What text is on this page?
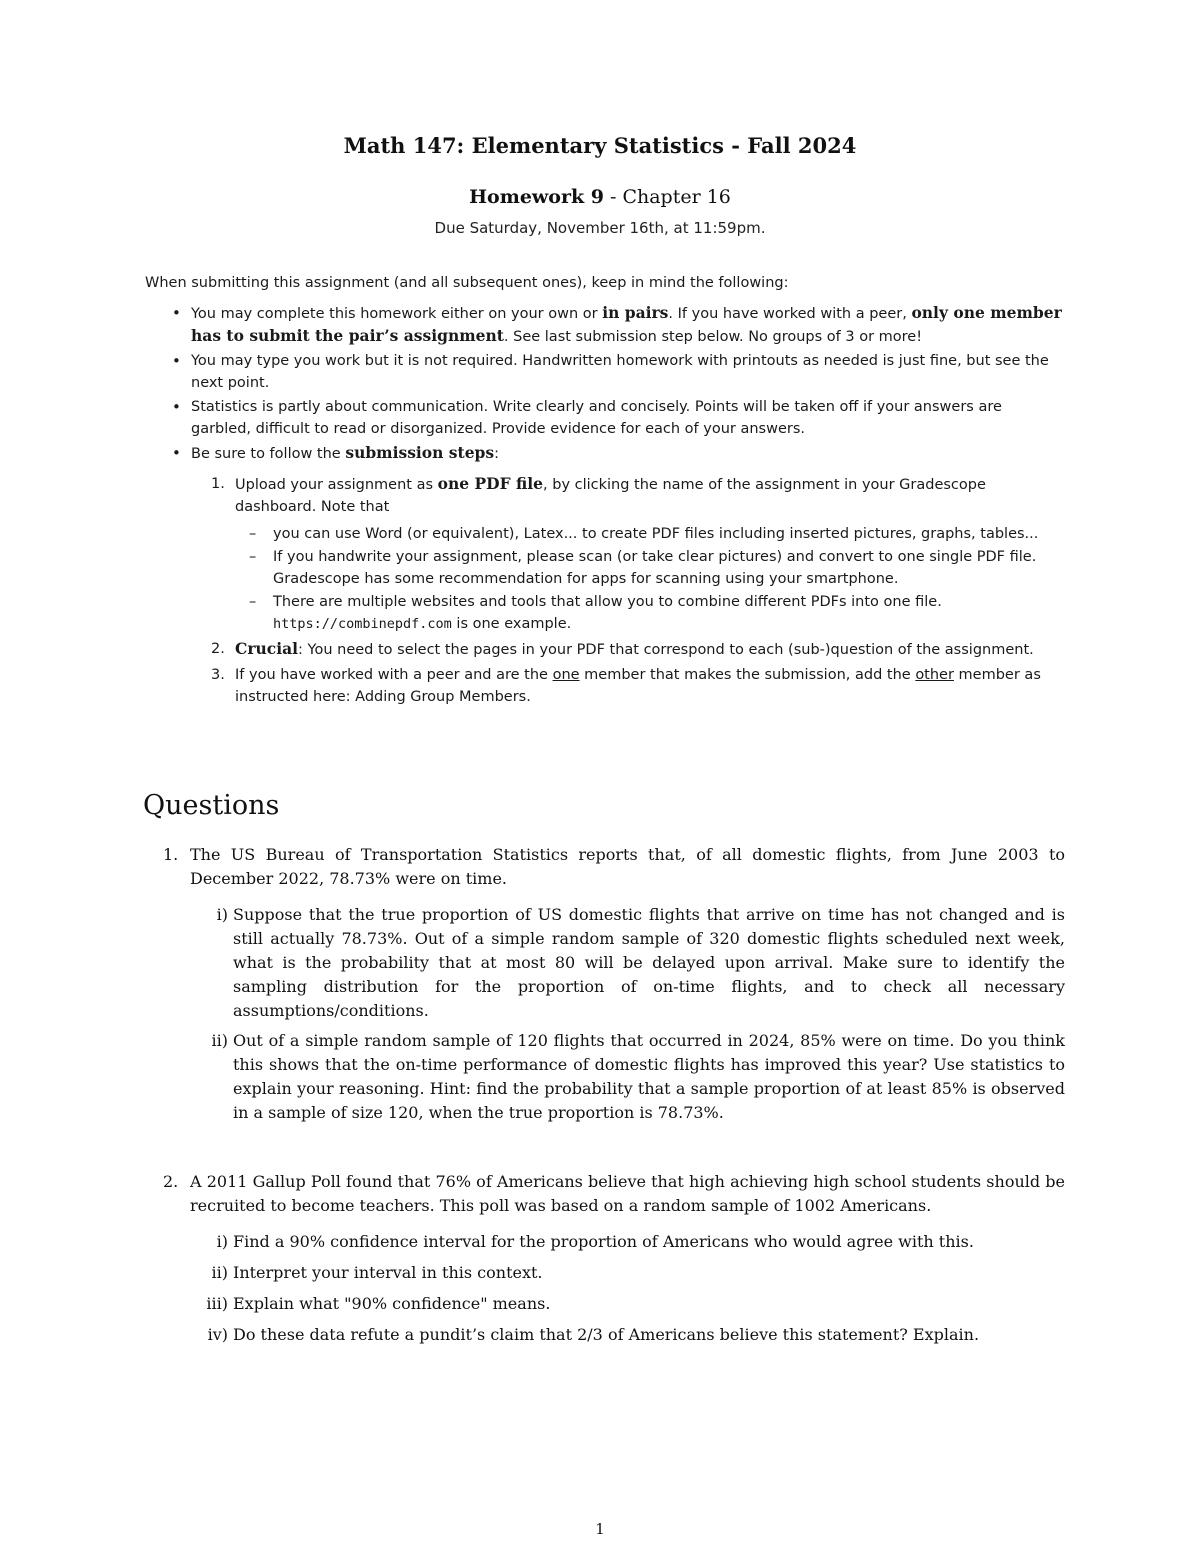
Math 147: Elementary Statistics - Fall 2024
Homework 9 - Chapter 16
Due Saturday, November 16th, at 11:59pm.
When submitting this assignment (and all subsequent ones), keep in mind the following:
• You may complete this homework either on your own or in pairs. If you have worked with a peer, only one member has to submit the pair’s assignment. See last submission step below. No groups of 3 or more!
• You may type you work but it is not required. Handwritten homework with printouts as needed is just fine, but see the next point.
• Statistics is partly about communication. Write clearly and concisely. Points will be taken off if your answers are garbled, difficult to read or disorganized. Provide evidence for each of your answers.
• Be sure to follow the submission steps:
1. Upload your assignment as one PDF file, by clicking the name of the assignment in your Gradescope dashboard. Note that
– you can use Word (or equivalent), Latex... to create PDF files including inserted pictures, graphs, tables...
– If you handwrite your assignment, please scan (or take clear pictures) and convert to one single PDF file. Gradescope has some recommendation for apps for scanning using your smartphone.
– There are multiple websites and tools that allow you to combine different PDFs into one file. https://combinepdf.com is one example.
2. Crucial: You need to select the pages in your PDF that correspond to each (sub-)question of the assignment.
3. If you have worked with a peer and are the one member that makes the submission, add the other member as instructed here: Adding Group Members.
Questions
1. The US Bureau of Transportation Statistics reports that, of all domestic flights, from June 2003 to December 2022, 78.73% were on time.
i) Suppose that the true proportion of US domestic flights that arrive on time has not changed and is still actually 78.73%. Out of a simple random sample of 320 domestic flights scheduled next week, what is the probability that at most 80 will be delayed upon arrival. Make sure to identify the sampling distribution for the proportion of on-time flights, and to check all necessary assumptions/conditions.
ii) Out of a simple random sample of 120 flights that occurred in 2024, 85% were on time. Do you think this shows that the on-time performance of domestic flights has improved this year? Use statistics to explain your reasoning. Hint: find the probability that a sample proportion of at least 85% is observed in a sample of size 120, when the true proportion is 78.73%.
2. A 2011 Gallup Poll found that 76% of Americans believe that high achieving high school students should be recruited to become teachers. This poll was based on a random sample of 1002 Americans.
i) Find a 90% confidence interval for the proportion of Americans who would agree with this.
ii) Interpret your interval in this context.
iii) Explain what "90% confidence" means.
iv) Do these data refute a pundit’s claim that 2/3 of Americans believe this statement? Explain.
1
